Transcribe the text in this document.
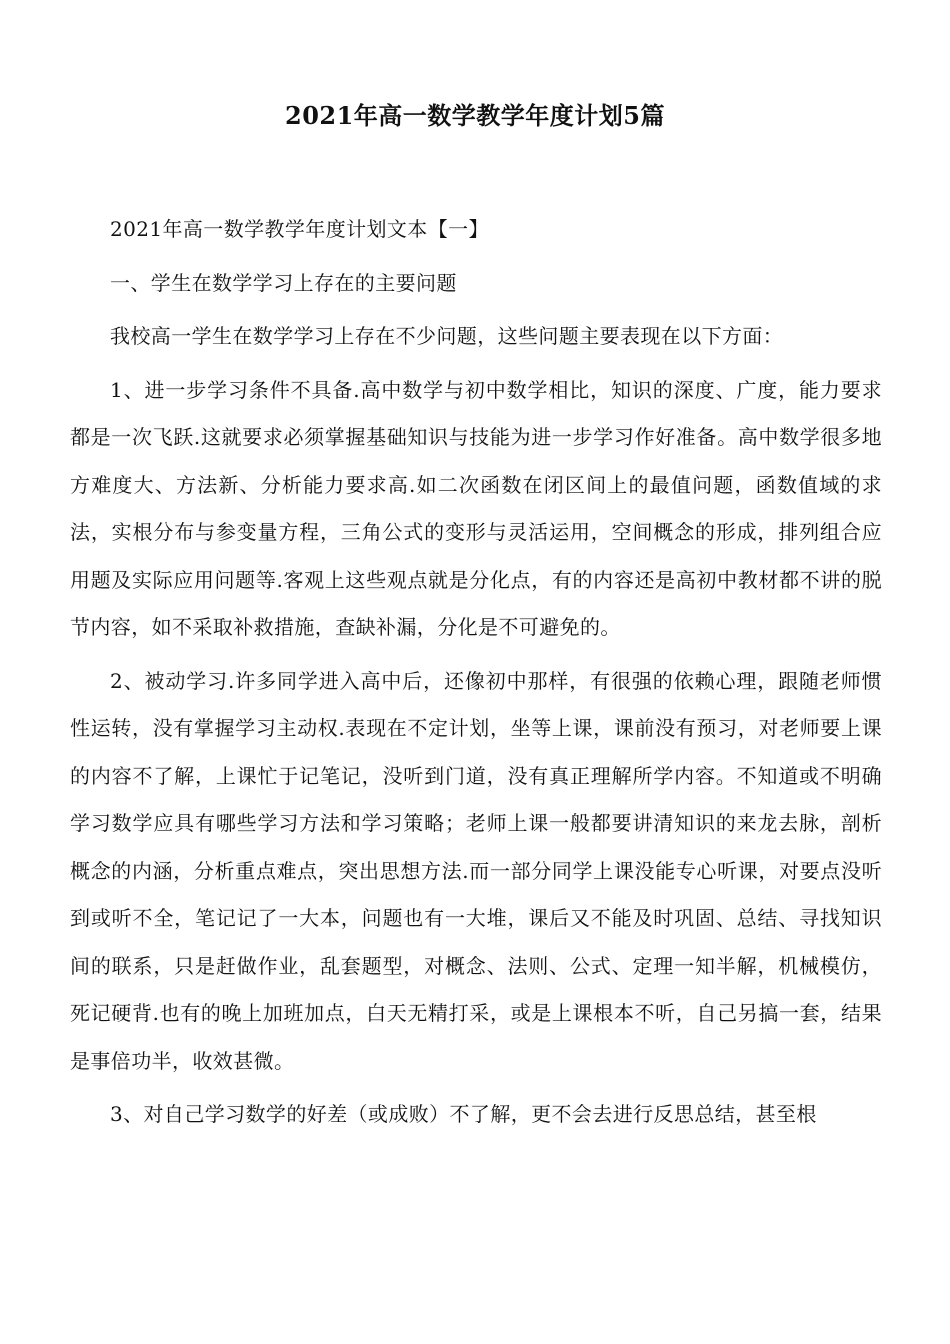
2021年高一数学教学年度计划5篇

2021年高一数学教学年度计划文本【一】

一、学生在数学学习上存在的主要问题

我校高一学生在数学学习上存在不少问题，这些问题主要表现在以下方面：

1、进一步学习条件不具备.高中数学与初中数学相比，知识的深度、广度，能力要求都是一次飞跃.这就要求必须掌握基础知识与技能为进一步学习作好准备。高中数学很多地方难度大、方法新、分析能力要求高.如二次函数在闭区间上的最值问题，函数值域的求法，实根分布与参变量方程，三角公式的变形与灵活运用，空间概念的形成，排列组合应用题及实际应用问题等.客观上这些观点就是分化点，有的内容还是高初中教材都不讲的脱节内容，如不采取补救措施，查缺补漏，分化是不可避免的。

2、被动学习.许多同学进入高中后，还像初中那样，有很强的依赖心理，跟随老师惯性运转，没有掌握学习主动权.表现在不定计划，坐等上课，课前没有预习，对老师要上课的内容不了解，上课忙于记笔记，没听到门道，没有真正理解所学内容。不知道或不明确学习数学应具有哪些学习方法和学习策略；老师上课一般都要讲清知识的来龙去脉，剖析概念的内涵，分析重点难点，突出思想方法.而一部分同学上课没能专心听课，对要点没听到或听不全，笔记记了一大本，问题也有一大堆，课后又不能及时巩固、总结、寻找知识间的联系，只是赶做作业，乱套题型，对概念、法则、公式、定理一知半解，机械模仿，死记硬背.也有的晚上加班加点，白天无精打采，或是上课根本不听，自己另搞一套，结果是事倍功半，收效甚微。

3、对自己学习数学的好差（或成败）不了解，更不会去进行反思总结，甚至根
